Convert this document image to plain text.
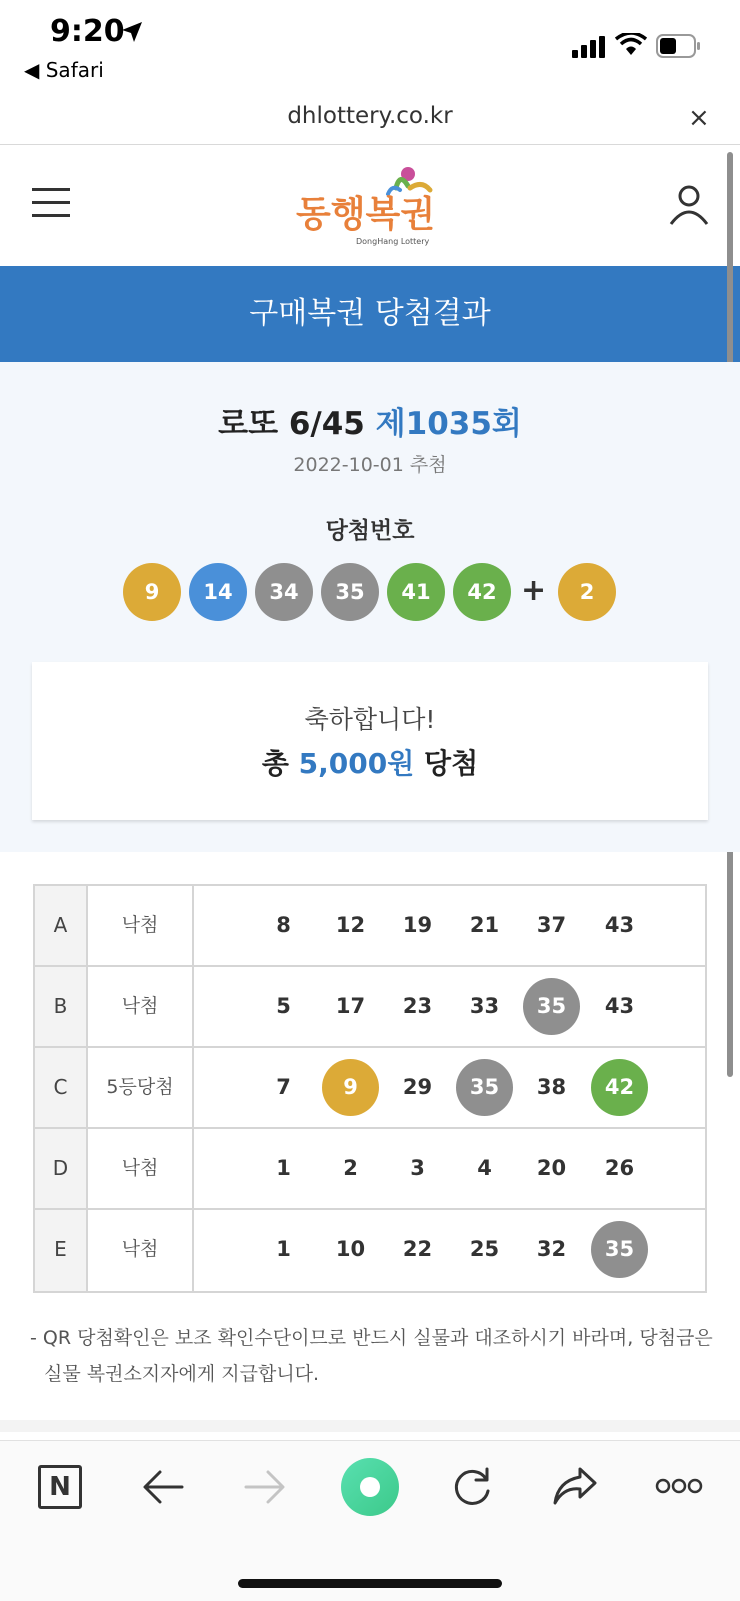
9:20
◀ Safari
dhlottery.co.kr	×
동행복권
DongHang Lottery
구매복권 당첨결과
로또 6/45 제1035회
2022-10-01 추첨
당첨번호
+
9	14	34	35	41	42	2
축하합니다!
총 5,000원 당첨
A	낙첨	8	12	19	21	37	43
B	낙첨	5	17	23	33	35	43
C	5등당첨	7	9	29	35	38	42
D	낙첨	1	2	3	4	20	26
E	낙첨	1	10	22	25	32	35
- QR 당첨확인은 보조 확인수단이므로 반드시 실물과 대조하시기 바라며, 당첨금은 실물 복권소지자에게 지급합니다.
N
